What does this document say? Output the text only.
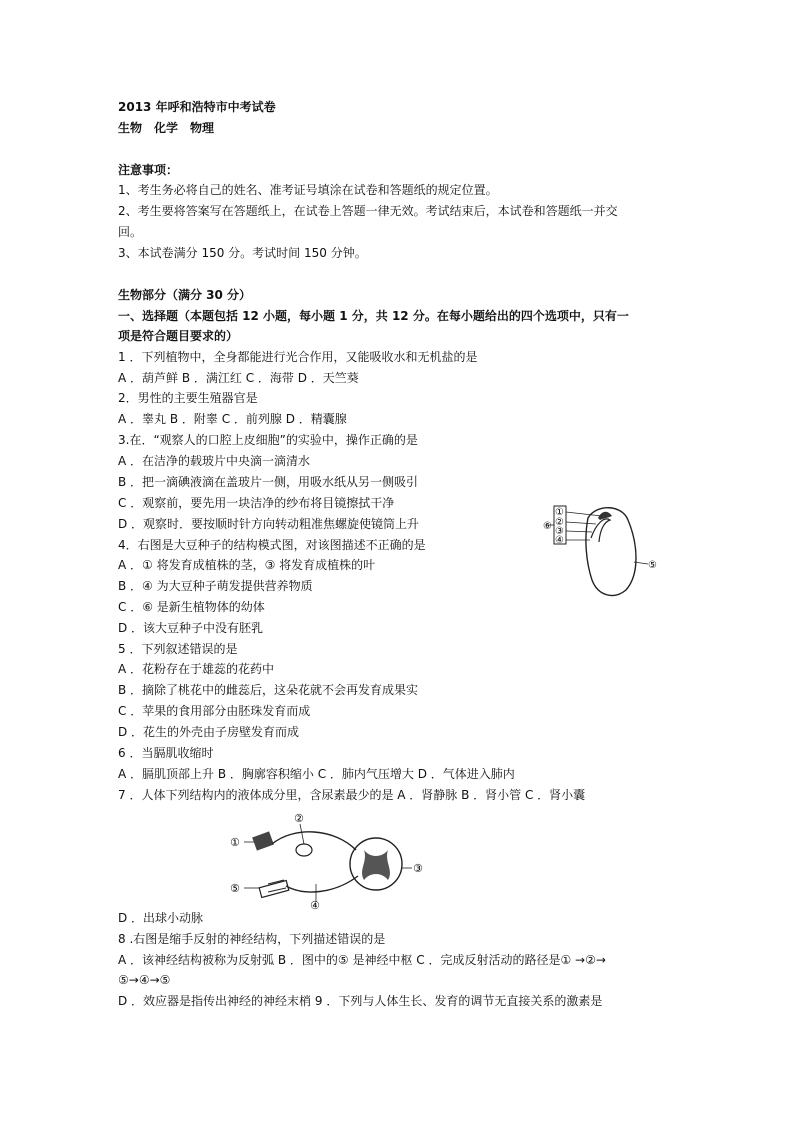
2013 年呼和浩特市中考试卷
生物　化学　物理
注意事项：
1、考生务必将自己的姓名、准考证号填涂在试卷和答题纸的规定位置。
2、考生要将答案写在答题纸上，在试卷上答题一律无效。考试结束后，本试卷和答题纸一并交
回。
3、本试卷满分 150 分。考试时间 150 分钟。
生物部分（满分 30 分）
一、选择题（本题包括 12 小题，每小题 1 分，共 12 分。在每小题给出的四个选项中，只有一
项是符合题目要求的）
1 ．下列植物中，全身都能进行光合作用，又能吸收水和无机盐的是
A ．葫芦鲜 B ．满江红 C ．海带 D ．天竺葵
2．男性的主要生殖器官是
A ．睾丸 B ．附睾 C ．前列腺 D ．精囊腺
3.在．“观察人的口腔上皮细胞”的实验中，操作正确的是
A ．在洁净的载玻片中央滴一滴清水
B ．把一滴碘液滴在盖玻片一侧，用吸水纸从另一侧吸引
C ．观察前，要先用一块洁净的纱布将目镜擦拭干净
D ．观察时．要按顺时针方向转动粗准焦螺旋使镜筒上升
4．右图是大豆种子的结构模式图，对该图描述不正确的是
A ．① 将发育成植株的茎，③ 将发育成植株的叶
B ．④ 为大豆种子萌发提供营养物质
C ．⑥ 是新生植物体的幼体
D ．该大豆种子中没有胚乳
5 ．下列叙述错误的是
A ．花粉存在于雄蕊的花药中
B ．摘除了桃花中的雌蕊后，这朵花就不会再发育成果实
C ．苹果的食用部分由胚珠发育而成
D ．花生的外壳由子房壁发育而成
6 ．当膈肌收缩时
A ．膈肌顶部上升 B ．胸廓容积缩小 C ．肺内气压增大 D ．气体进入肺内
7 ．人体下列结构内的液体成分里，含尿素最少的是 A ．肾静脉 B ．肾小管 C ．肾小囊
D ．出球小动脉
8 .右图是缩手反射的神经结构，下列描述错误的是
A ．该神经结构被称为反射弧 B ．图中的⑤ 是神经中枢 C ．完成反射活动的路径是① →②→
⑤→④→⑤
D ．效应器是指传出神经的神经末梢 9 ．下列与人体生长、发育的调节无直接关系的激素是
①
②
③
④
⑤
⑥
①
②
③
④
⑤
